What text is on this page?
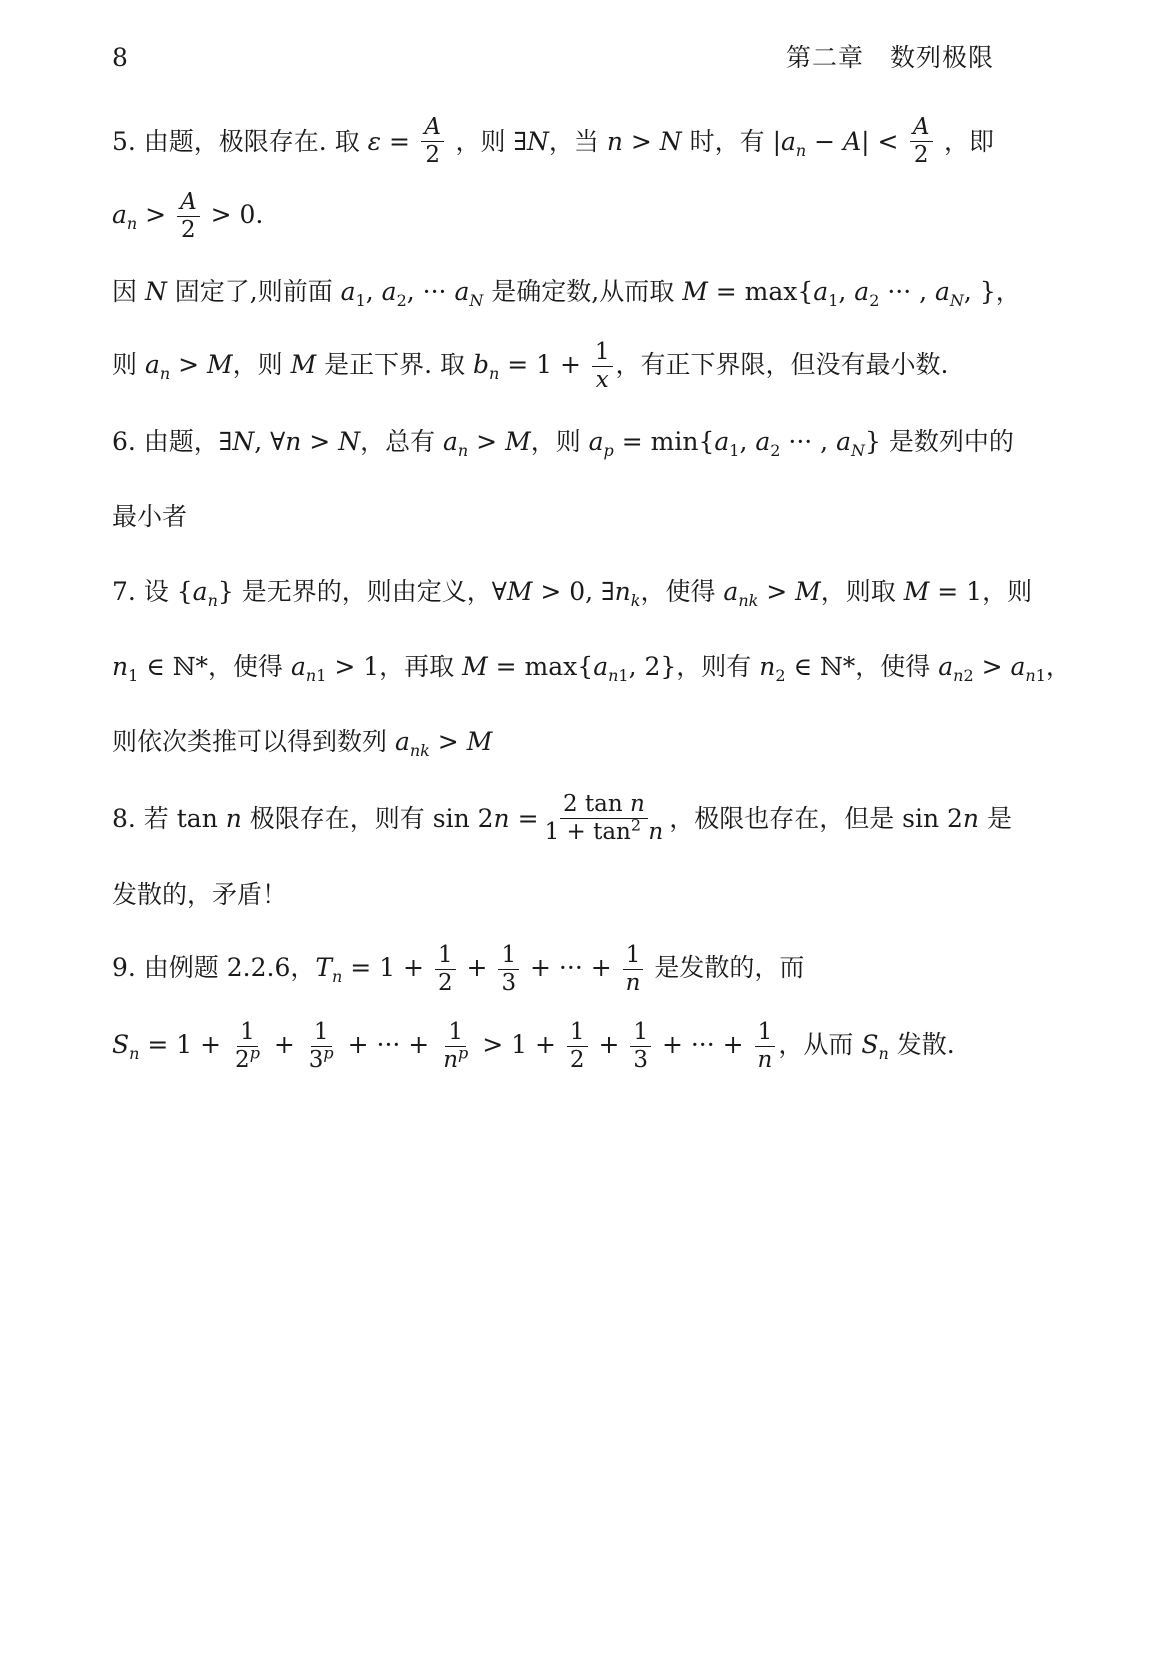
8	第二章　数列极限
5. 由题，极限存在. 取 $\varepsilon = \frac{A}{2}$ ，则 ∃N，当 n > N 时，有 $|a_n - A| < \frac{A}{2}$ ，即
$a_n > \frac{A}{2} > 0$.
因 N 固定了,则前面 $a_1$, $a_2$, ··· $a_N$ 是确定数,从而取 $M = \max\{a_1$, $a_2$ ··· , $a_N$, }，
则 $a_n > M$，则 M 是正下界. 取 $b_n = 1 + \frac{1}{x}$ ，有正下界限，但没有最小数.
6. 由题，∃N, ∀n > N，总有 $a_n > M$，则 $a_p = \min\{a_1$, $a_2$ ··· , $a_N$} 是数列中的
最小者
7. 设 $\{a_n\}$ 是无界的，则由定义，∀M > 0, $\exists n_k$，使得 $a_{nk} > M$，则取 M = 1，则
$n_1$ ∈ ℕ*，使得 $a_{n1} > 1$，再取 $M = \max\{a_{n1}$, 2}，则有 $n_2$ ∈ ℕ*，使得 $a_{n2} > a_{n1}$，
则依次类推可以得到数列 $a_{nk} > M$
8. 若 tan n 极限存在，则有 $\sin 2n = \frac{\text{2 tan n}}{1 + \tan^2 n}$ ，极限也存在，但是 sin 2n 是
发散的，矛盾！
9. 由例题 2.2.6，$T_n = 1 + \frac{1}{2} + \frac{1}{3}$ + ··· + $\frac{1}{n}$ 是发散的，而
$S_n = 1 + \frac{1}{2^p} + \frac{1}{3^p}$ + ··· + $\frac{1}{n^p} > 1 + \frac{1}{2} + \frac{1}{3}$ + ··· + $\frac{1}{n}$ ，从而 $S_n$ 发散.
